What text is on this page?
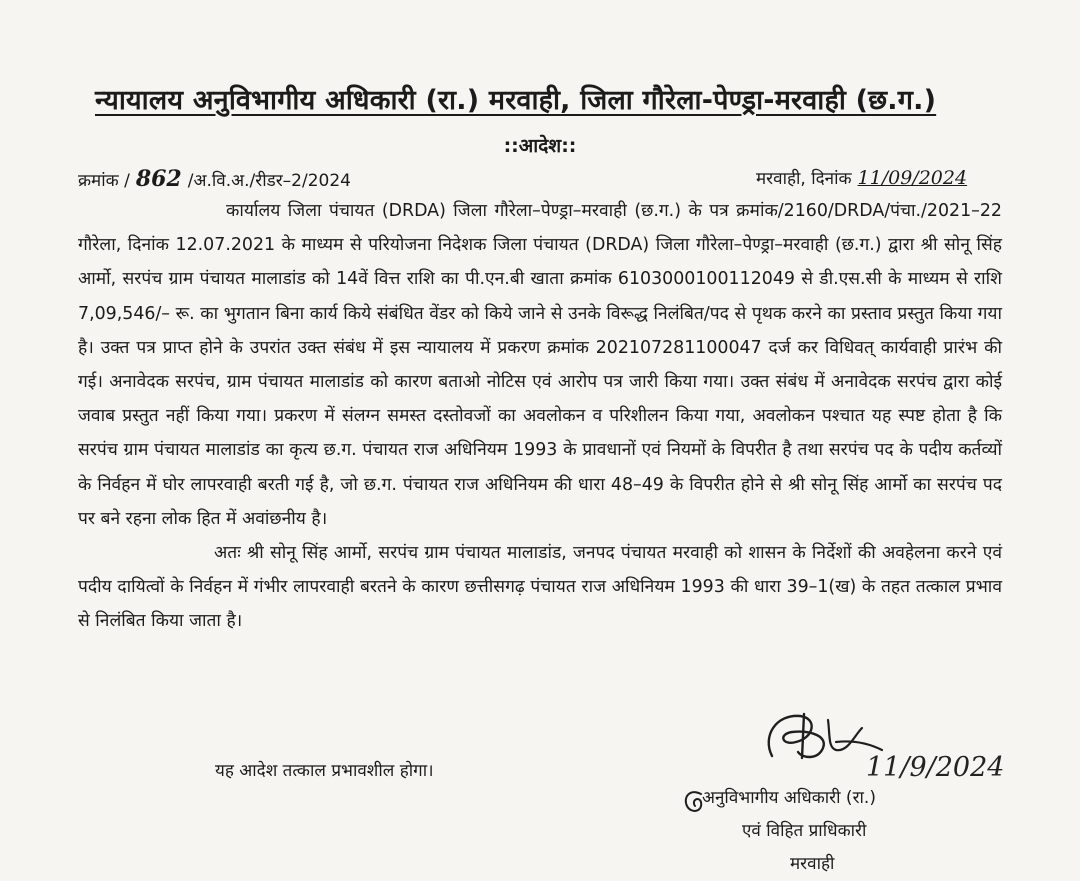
न्यायालय अनुविभागीय अधिकारी (रा.) मरवाही, जिला गौरेला-पेण्ड्रा-मरवाही (छ.ग.)
::आदेश::
क्रमांक / 862 /अ.वि.अ./रीडर–2/2024	मरवाही, दिनांक 11/09/2024

कार्यालय जिला पंचायत (DRDA) जिला गौरेला–पेण्ड्रा–मरवाही (छ.ग.) के पत्र क्रमांक/2160/DRDA/पंचा./2021–22 गौरेला, दिनांक 12.07.2021 के माध्यम से परियोजना निदेशक जिला पंचायत (DRDA) जिला गौरेला–पेण्ड्रा–मरवाही (छ.ग.) द्वारा श्री सोनू सिंह आर्मो, सरपंच ग्राम पंचायत मालाडांड को 14वें वित्त राशि का पी.एन.बी खाता क्रमांक 6103000100112049 से डी.एस.सी के माध्यम से राशि 7,09,546/– रू. का भुगतान बिना कार्य किये संबंधित वेंडर को किये जाने से उनके विरूद्ध निलंबित/पद से पृथक करने का प्रस्ताव प्रस्तुत किया गया है। उक्त पत्र प्राप्त होने के उपरांत उक्त संबंध में इस न्यायालय में प्रकरण क्रमांक 202107281100047 दर्ज कर विधिवत् कार्यवाही प्रारंभ की गई। अनावेदक सरपंच, ग्राम पंचायत मालाडांड को कारण बताओ नोटिस एवं आरोप पत्र जारी किया गया। उक्त संबंध में अनावेदक सरपंच द्वारा कोई जवाब प्रस्तुत नहीं किया गया। प्रकरण में संलग्न समस्त दस्तोवजों का अवलोकन व परिशीलन किया गया, अवलोकन पश्चात यह स्पष्ट होता है कि सरपंच ग्राम पंचायत मालाडांड का कृत्य छ.ग. पंचायत राज अधिनियम 1993 के प्रावधानों एवं नियमों के विपरीत है तथा सरपंच पद के पदीय कर्तव्यों के निर्वहन में घोर लापरवाही बरती गई है, जो छ.ग. पंचायत राज अधिनियम की धारा 48–49 के विपरीत होने से श्री सोनू सिंह आर्मो का सरपंच पद पर बने रहना लोक हित में अवांछनीय है।

अतः श्री सोनू सिंह आर्मो, सरपंच ग्राम पंचायत मालाडांड, जनपद पंचायत मरवाही को शासन के निर्देशों की अवहेलना करने एवं पदीय दायित्वों के निर्वहन में गंभीर लापरवाही बरतने के कारण छत्तीसगढ़ पंचायत राज अधिनियम 1993 की धारा 39–1(ख) के तहत तत्काल प्रभाव से निलंबित किया जाता है।

यह आदेश तत्काल प्रभावशील होगा।	11/9/2024
अनुविभागीय अधिकारी (रा.)
एवं विहित प्राधिकारी
मरवाही
